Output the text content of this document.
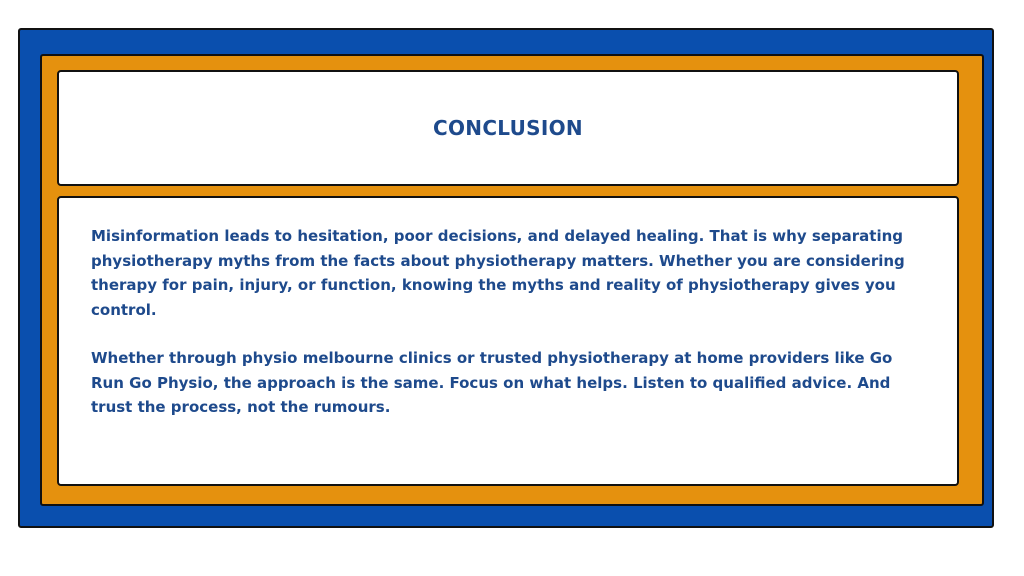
CONCLUSION

Misinformation leads to hesitation, poor decisions, and delayed healing. That is why separating physiotherapy myths from the facts about physiotherapy matters. Whether you are considering therapy for pain, injury, or function, knowing the myths and reality of physiotherapy gives you control.

Whether through physio melbourne clinics or trusted physiotherapy at home providers like Go Run Go Physio, the approach is the same. Focus on what helps. Listen to qualified advice. And trust the process, not the rumours.
